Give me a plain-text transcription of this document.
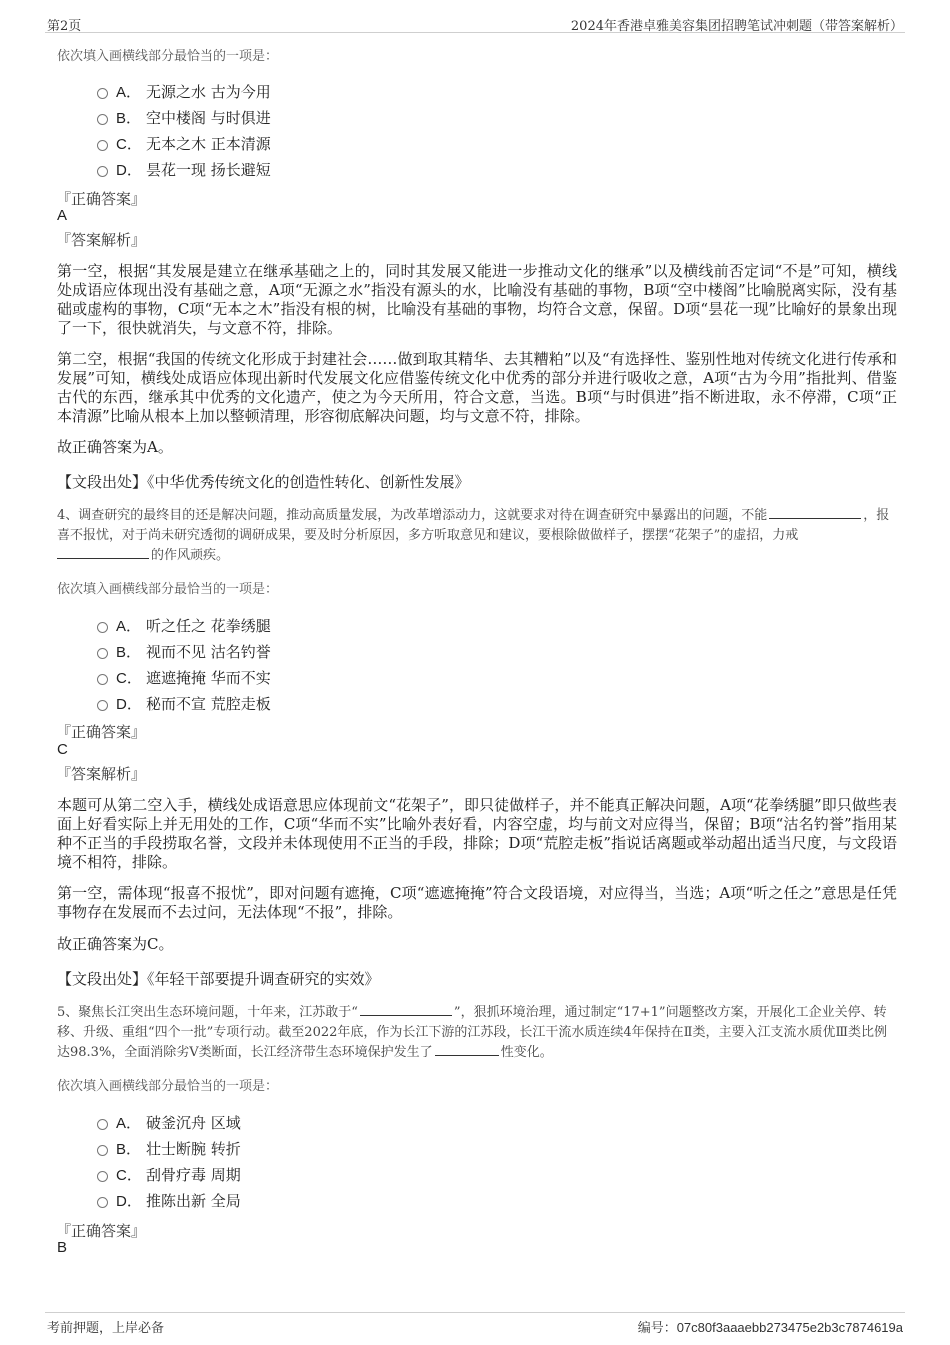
第2页	2024年香港卓雅美容集团招聘笔试冲刺题（带答案解析）
依次填入画横线部分最恰当的一项是：
A． 无源之水 古为今用
B． 空中楼阁 与时俱进
C． 无本之木 正本清源
D． 昙花一现 扬长避短
『正确答案』
A
『答案解析』
第一空，根据“其发展是建立在继承基础之上的，同时其发展又能进一步推动文化的继承”以及横线前否定词“不是”可知，横线处成语应体现出没有基础之意，A项“无源之水”指没有源头的水，比喻没有基础的事物，B项“空中楼阁”比喻脱离实际，没有基础或虚构的事物，C项“无本之木”指没有根的树，比喻没有基础的事物，均符合文意，保留。D项“昙花一现”比喻好的景象出现了一下，很快就消失，与文意不符，排除。
第二空，根据“我国的传统文化形成于封建社会……做到取其精华、去其糟粕”以及“有选择性、鉴别性地对传统文化进行传承和发展”可知，横线处成语应体现出新时代发展文化应借鉴传统文化中优秀的部分并进行吸收之意，A项“古为今用”指批判、借鉴古代的东西，继承其中优秀的文化遗产，使之为今天所用，符合文意，当选。B项“与时俱进”指不断进取，永不停滞，C项“正本清源”比喻从根本上加以整顿清理，形容彻底解决问题，均与文意不符，排除。
故正确答案为A。
【文段出处】《中华优秀传统文化的创造性转化、创新性发展》
4、调查研究的最终目的还是解决问题，推动高质量发展，为改革增添动力，这就要求对待在调查研究中暴露出的问题，不能	，报喜不报忧，对于尚未研究透彻的调研成果，要及时分析原因，多方听取意见和建议，要根除做做样子，摆摆“花架子”的虚招，力戒
的作风顽疾。
依次填入画横线部分最恰当的一项是：
A． 听之任之 花拳绣腿
B． 视而不见 沽名钓誉
C． 遮遮掩掩 华而不实
D． 秘而不宣 荒腔走板
『正确答案』
C
『答案解析』
本题可从第二空入手，横线处成语意思应体现前文“花架子”，即只徒做样子，并不能真正解决问题，A项“花拳绣腿”即只做些表面上好看实际上并无用处的工作，C项“华而不实”比喻外表好看，内容空虚，均与前文对应得当，保留；B项“沽名钓誉”指用某种不正当的手段捞取名誉，文段并未体现使用不正当的手段，排除；D项“荒腔走板”指说话离题或举动超出适当尺度，与文段语境不相符，排除。
第一空，需体现“报喜不报忧”，即对问题有遮掩，C项“遮遮掩掩”符合文段语境，对应得当，当选；A项“听之任之”意思是任凭事物存在发展而不去过问，无法体现“不报”，排除。
故正确答案为C。
【文段出处】《年轻干部要提升调查研究的实效》
5、聚焦长江突出生态环境问题，十年来，江苏敢于“	”，狠抓环境治理，通过制定“17+1”问题整改方案，开展化工企业关停、转移、升级、重组“四个一批”专项行动。截至2022年底，作为长江下游的江苏段，长江干流水质连续4年保持在Ⅱ类，主要入江支流水质优Ⅲ类比例达98.3%，全面消除劣Ⅴ类断面，长江经济带生态环境保护发生了	性变化。
依次填入画横线部分最恰当的一项是：
A． 破釜沉舟 区域
B． 壮士断腕 转折
C． 刮骨疗毒 周期
D． 推陈出新 全局
『正确答案』
B
考前押题，上岸必备	编号：07c80f3aaaebb273475e2b3c7874619a
